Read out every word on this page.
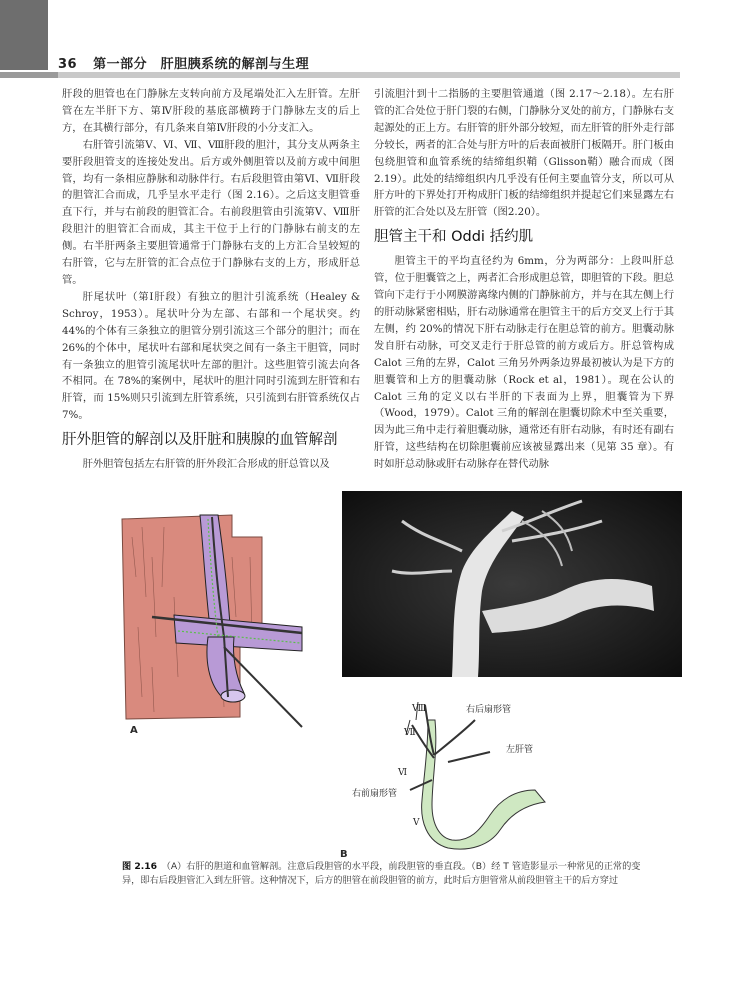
36 第一部分　肝胆胰系统的解剖与生理

肝段的胆管也在门静脉左支转向前方及尾端处汇入左肝管。左肝管在左半肝下方、第Ⅳ肝段的基底部横跨于门静脉左支的后上方，在其横行部分，有几条来自第Ⅳ肝段的小分支汇入。

右肝管引流第Ⅴ、Ⅵ、Ⅶ、Ⅷ肝段的胆汁，其分支从两条主要肝段胆管支的连接处发出。后方或外侧胆管以及前方或中间胆管，均有一条相应静脉和动脉伴行。右后段胆管由第Ⅵ、Ⅶ肝段的胆管汇合而成，几乎呈水平走行（图 2.16）。之后这支胆管垂直下行，并与右前段的胆管汇合。右前段胆管由引流第Ⅴ、Ⅷ肝段胆汁的胆管汇合而成，其主干位于上行的门静脉右前支的左侧。右半肝两条主要胆管通常于门静脉右支的上方汇合呈较短的右肝管，它与左肝管的汇合点位于门静脉右支的上方，形成肝总管。

肝尾状叶（第Ⅰ肝段）有独立的胆汁引流系统（Healey & Schroy，1953）。尾状叶分为左部、右部和一个尾状突。约 44%的个体有三条独立的胆管分别引流这三个部分的胆汁；而在26%的个体中，尾状叶右部和尾状突之间有一条主干胆管，同时有一条独立的胆管引流尾状叶左部的胆汁。这些胆管引流去向各不相同。在 78%的案例中，尾状叶的胆汁同时引流到左肝管和右肝管，而 15%则只引流到左肝管系统，只引流到右肝管系统仅占 7%。

肝外胆管的解剖以及肝脏和胰腺的血管解剖

肝外胆管包括左右肝管的肝外段汇合形成的肝总管以及

引流胆汁到十二指肠的主要胆管通道（图 2.17～2.18）。左右肝管的汇合处位于肝门裂的右侧，门静脉分叉处的前方，门静脉右支起源处的正上方。右肝管的肝外部分较短，而左肝管的肝外走行部分较长，两者的汇合处与肝方叶的后表面被肝门板隔开。肝门板由包绕胆管和血管系统的结缔组织鞘（Glisson鞘）融合而成（图 2.19）。此处的结缔组织内几乎没有任何主要血管分支，所以可从肝方叶的下界处打开构成肝门板的结缔组织并提起它们来显露左右肝管的汇合处以及左肝管（图2.20）。

胆管主干和 Oddi 括约肌

胆管主干的平均直径约为 6mm，分为两部分：上段叫肝总管，位于胆囊管之上，两者汇合形成胆总管，即胆管的下段。胆总管向下走行于小网膜游离缘内侧的门静脉前方，并与在其左侧上行的肝动脉紧密相贴，肝右动脉通常在胆管主干的后方交叉上行于其左侧，约 20%的情况下肝右动脉走行在胆总管的前方。胆囊动脉发自肝右动脉，可交叉走行于肝总管的前方或后方。肝总管构成 Calot 三角的左界，Calot 三角另外两条边界最初被认为是下方的胆囊管和上方的胆囊动脉（Rock et al，1981）。现在公认的 Calot 三角的定义以右半肝的下表面为上界，胆囊管为下界（Wood，1979）。Calot 三角的解剖在胆囊切除术中至关重要，因为此三角中走行着胆囊动脉，通常还有肝右动脉，有时还有副右肝管，这些结构在切除胆囊前应该被显露出来（见第 35 章）。有时如肝总动脉或肝右动脉存在替代动脉

A
Ⅷ
Ⅶ
Ⅵ
Ⅴ
右后扇形管
左肝管
右前扇形管
B
图 2.16　 （A）右肝的胆道和血管解剖。注意后段胆管的水平段，前段胆管的垂直段。（B）经 T 管造影显示一种常见的正常的变异，即右后段胆管汇入到左肝管。这种情况下，后方的胆管在前段胆管的前方，此时后方胆管常从前段胆管主干的后方穿过
